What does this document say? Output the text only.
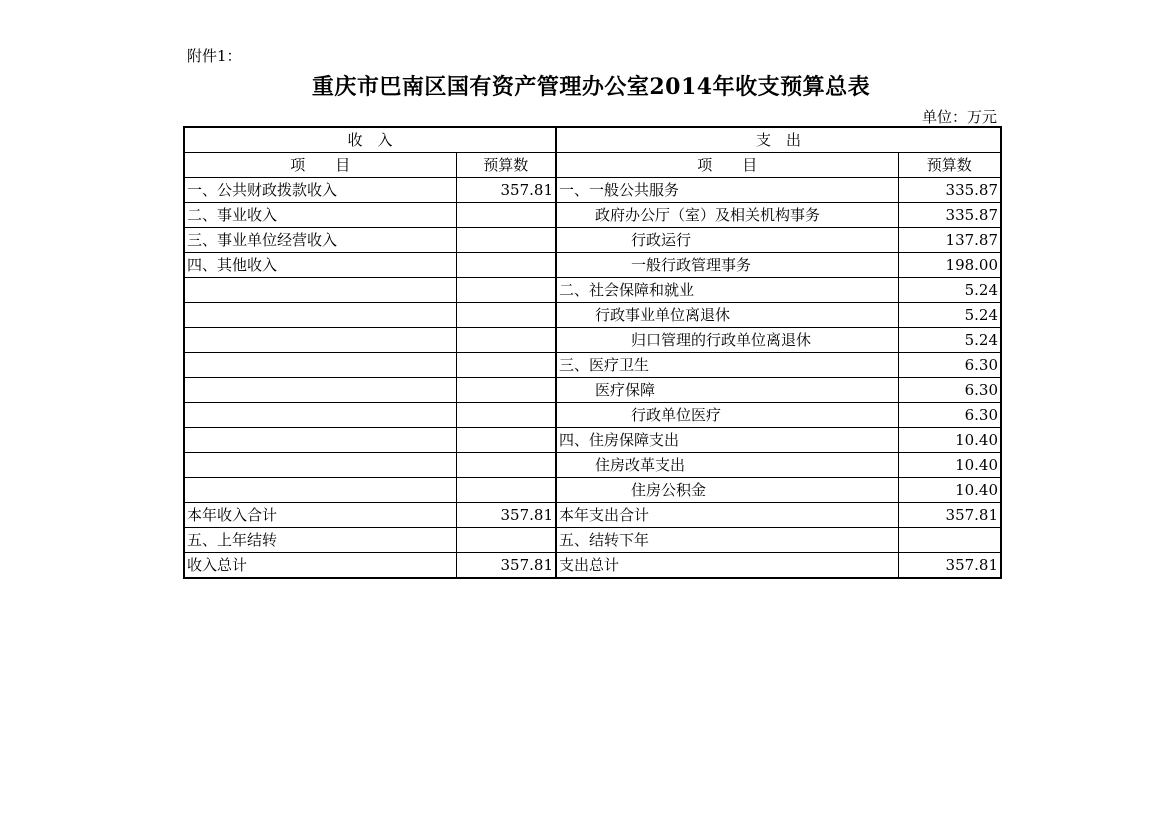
附件1：
重庆市巴南区国有资产管理办公室2014年收支预算总表
单位：万元
收　入		支　出	
项　　目	预算数	项　　目	预算数
一、公共财政拨款收入	357.81	一、一般公共服务	335.87
二、事业收入		政府办公厅（室）及相关机构事务	335.87
三、事业单位经营收入		行政运行	137.87
四、其他收入		一般行政管理事务	198.00
		二、社会保障和就业	5.24
		行政事业单位离退休	5.24
		归口管理的行政单位离退休	5.24
		三、医疗卫生	6.30
		医疗保障	6.30
		行政单位医疗	6.30
		四、住房保障支出	10.40
		住房改革支出	10.40
		住房公积金	10.40
本年收入合计	357.81	本年支出合计	357.81
五、上年结转		五、结转下年	
收入总计	357.81	支出总计	357.81
